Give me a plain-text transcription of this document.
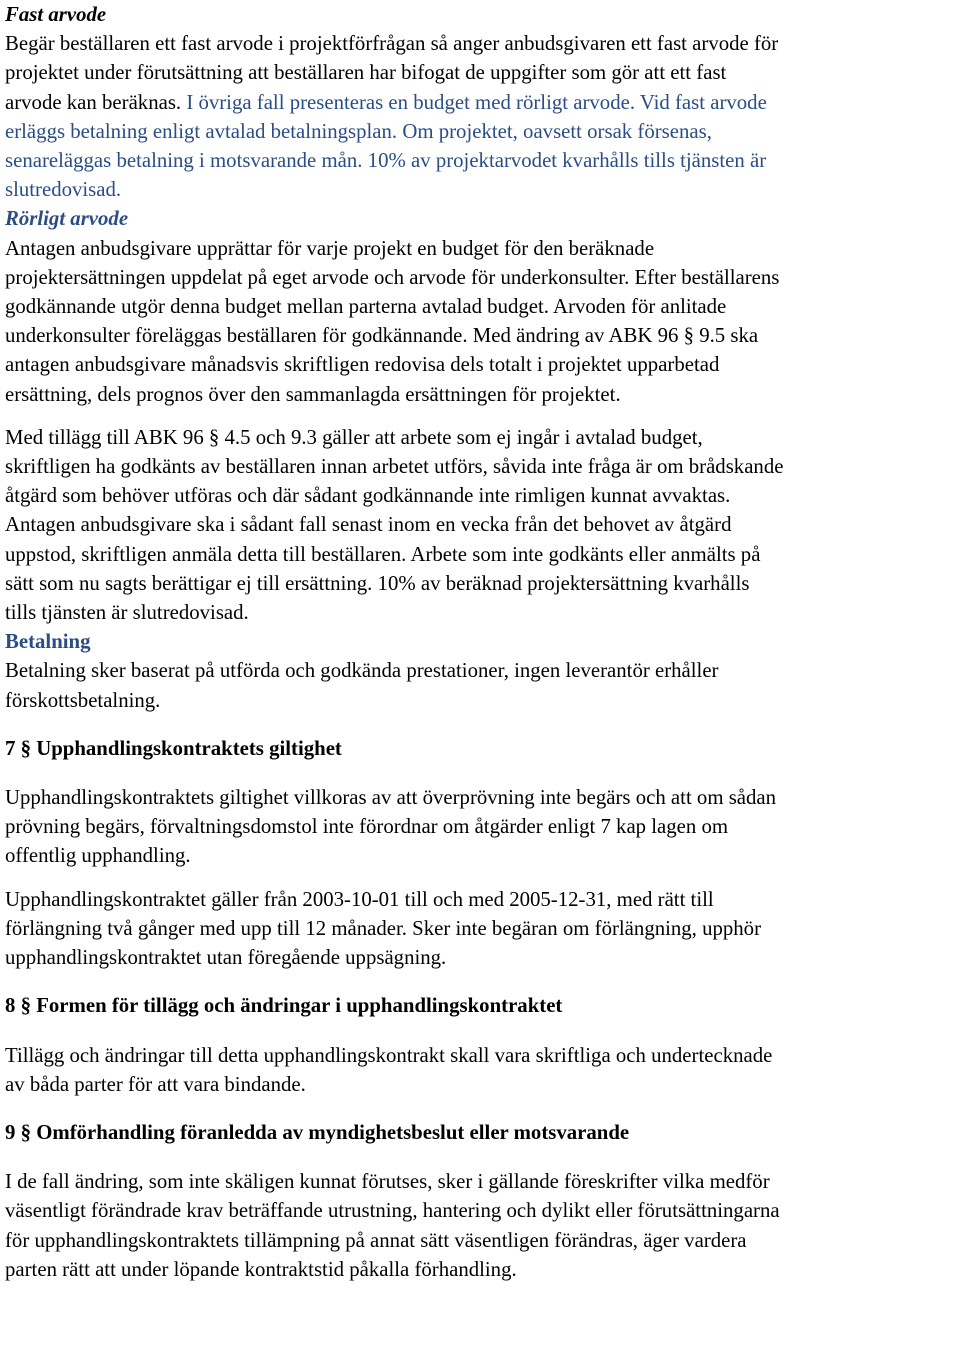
Fast arvode
Begär beställaren ett fast arvode i projektförfrågan så anger anbudsgivaren ett fast arvode för
projektet under förutsättning att beställaren har bifogat de uppgifter som gör att ett fast
arvode kan beräknas. I övriga fall presenteras en budget med rörligt arvode. Vid fast arvode
erläggs betalning enligt avtalad betalningsplan. Om projektet, oavsett orsak försenas,
senareläggas betalning i motsvarande mån. 10% av projektarvodet kvarhålls tills tjänsten är
slutredovisad.
Rörligt arvode
Antagen anbudsgivare upprättar för varje projekt en budget för den beräknade
projektersättningen uppdelat på eget arvode och arvode för underkonsulter. Efter beställarens
godkännande utgör denna budget mellan parterna avtalad budget. Arvoden för anlitade
underkonsulter föreläggas beställaren för godkännande. Med ändring av ABK 96 § 9.5 ska
antagen anbudsgivare månadsvis skriftligen redovisa dels totalt i projektet upparbetad
ersättning, dels prognos över den sammanlagda ersättningen för projektet.
Med tillägg till ABK 96 § 4.5 och 9.3 gäller att arbete som ej ingår i avtalad budget,
skriftligen ha godkänts av beställaren innan arbetet utförs, såvida inte fråga är om brådskande
åtgärd som behöver utföras och där sådant godkännande inte rimligen kunnat avvaktas.
Antagen anbudsgivare ska i sådant fall senast inom en vecka från det behovet av åtgärd
uppstod, skriftligen anmäla detta till beställaren. Arbete som inte godkänts eller anmälts på
sätt som nu sagts berättigar ej till ersättning. 10% av beräknad projektersättning kvarhålls
tills tjänsten är slutredovisad.
Betalning
Betalning sker baserat på utförda och godkända prestationer, ingen leverantör erhåller
förskottsbetalning.
7 § Upphandlingskontraktets giltighet
Upphandlingskontraktets giltighet villkoras av att överprövning inte begärs och att om sådan
prövning begärs, förvaltningsdomstol inte förordnar om åtgärder enligt 7 kap lagen om
offentlig upphandling.
Upphandlingskontraktet gäller från 2003-10-01 till och med 2005-12-31, med rätt till
förlängning två gånger med upp till 12 månader. Sker inte begäran om förlängning, upphör
upphandlingskontraktet utan föregående uppsägning.
8 § Formen för tillägg och ändringar i upphandlingskontraktet
Tillägg och ändringar till detta upphandlingskontrakt skall vara skriftliga och undertecknade
av båda parter för att vara bindande.
9 § Omförhandling föranledda av myndighetsbeslut eller motsvarande
I de fall ändring, som inte skäligen kunnat förutses, sker i gällande föreskrifter vilka medför
väsentligt förändrade krav beträffande utrustning, hantering och dylikt eller förutsättningarna
för upphandlingskontraktets tillämpning på annat sätt väsentligen förändras, äger vardera
parten rätt att under löpande kontraktstid påkalla förhandling.
